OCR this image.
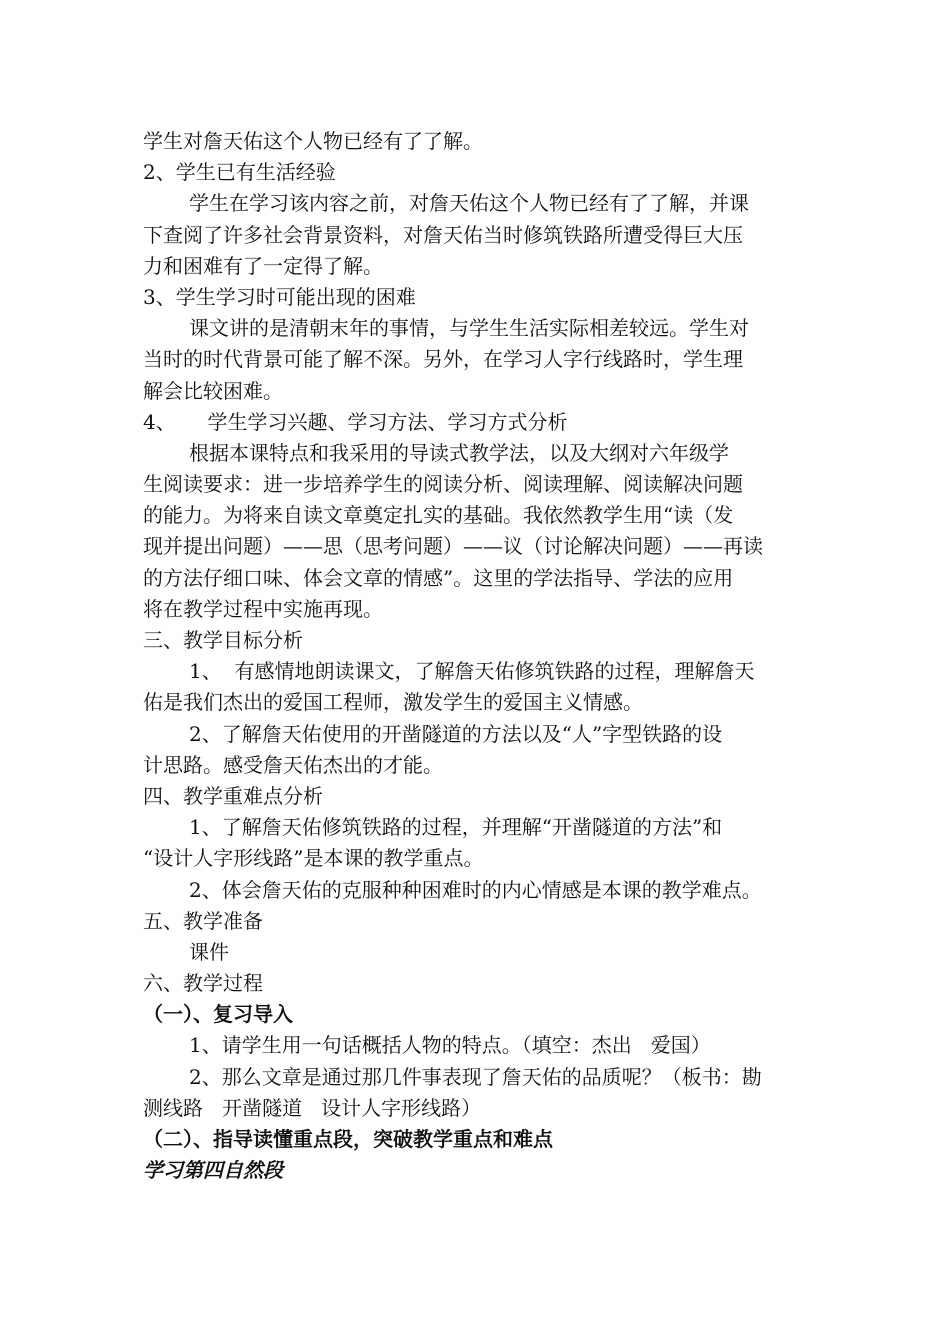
学生对詹天佑这个人物已经有了了解。
2、学生已有生活经验
学生在学习该内容之前，对詹天佑这个人物已经有了了解，并课
下查阅了许多社会背景资料，对詹天佑当时修筑铁路所遭受得巨大压
力和困难有了一定得了解。
3、学生学习时可能出现的困难
课文讲的是清朝末年的事情，与学生生活实际相差较远。学生对
当时的时代背景可能了解不深。另外，在学习人字行线路时，学生理
解会比较困难。
4、     学生学习兴趣、学习方法、学习方式分析
根据本课特点和我采用的导读式教学法，以及大纲对六年级学
生阅读要求：进一步培养学生的阅读分析、阅读理解、阅读解决问题
的能力。为将来自读文章奠定扎实的基础。我依然教学生用“读（发
现并提出问题）——思（思考问题）——议（讨论解决问题）——再读
的方法仔细口味、体会文章的情感”。这里的学法指导、学法的应用
将在教学过程中实施再现。
三、教学目标分析
1、  有感情地朗读课文，了解詹天佑修筑铁路的过程，理解詹天
佑是我们杰出的爱国工程师，激发学生的爱国主义情感。
2、了解詹天佑使用的开凿隧道的方法以及“人”字型铁路的设
计思路。感受詹天佑杰出的才能。
四、教学重难点分析
1、了解詹天佑修筑铁路的过程，并理解“开凿隧道的方法”和
“设计人字形线路”是本课的教学重点。
2、体会詹天佑的克服种种困难时的内心情感是本课的教学难点。
五、教学准备
课件
六、教学过程
（一）、复习导入
1、请学生用一句话概括人物的特点。（填空：杰出   爱国）
2、那么文章是通过那几件事表现了詹天佑的品质呢？（板书：勘
测线路   开凿隧道   设计人字形线路）
（二）、指导读懂重点段，突破教学重点和难点
学习第四自然段
